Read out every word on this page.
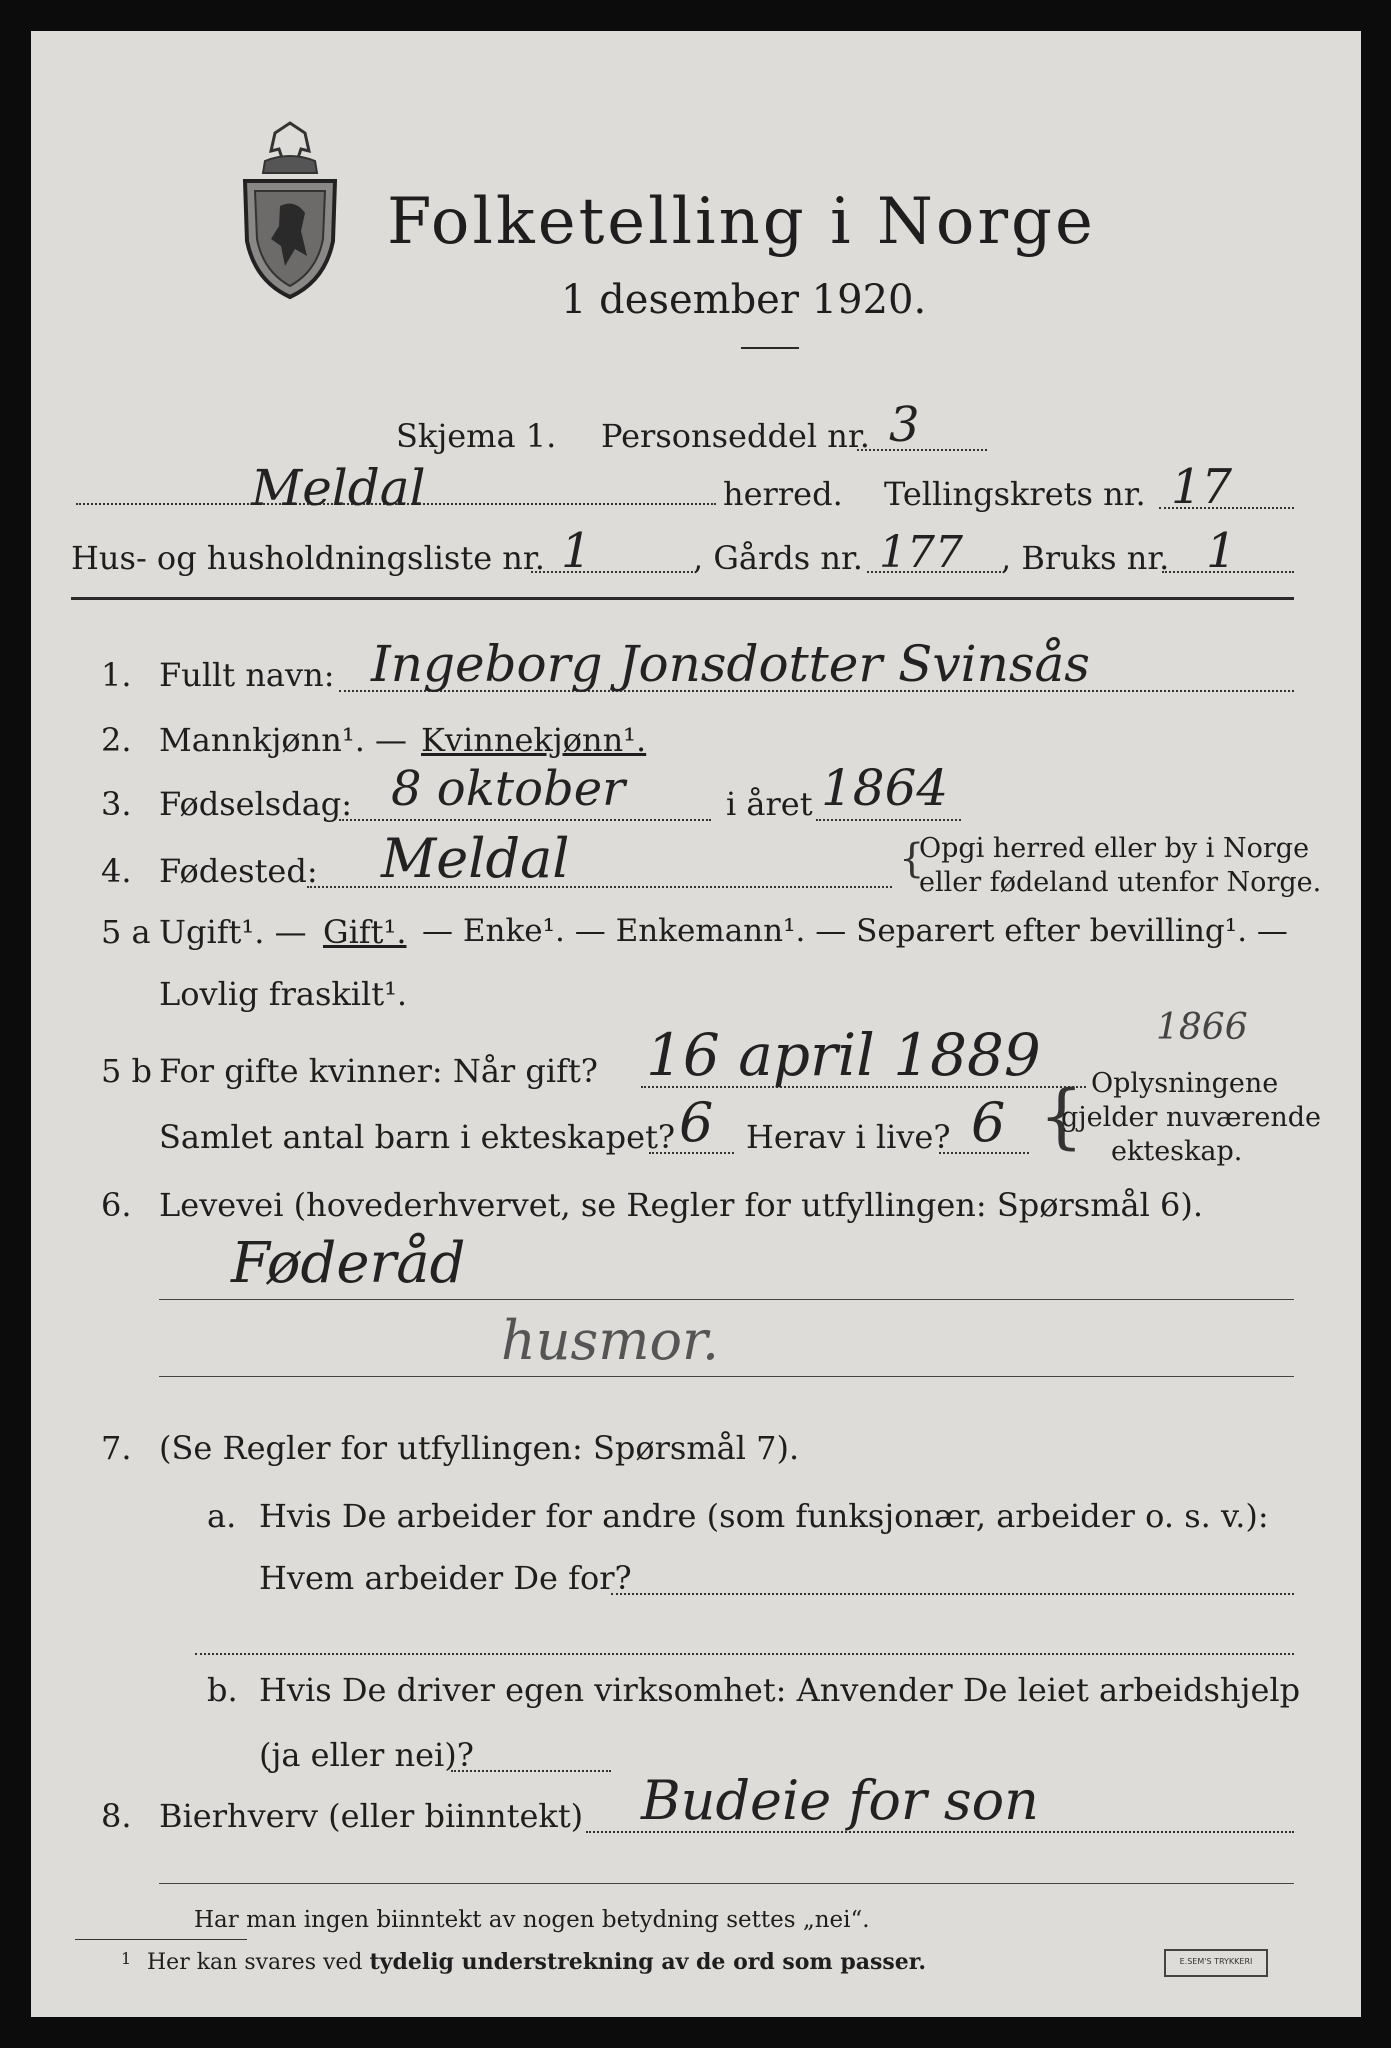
Folketelling i Norge
1 desember 1920.
Skjema 1. Personseddel nr. 3
Meldal	herred. Tellingskrets nr. 17
Hus- og husholdningsliste nr. 1	, Gårds nr. 177 , Bruks nr. 1
1. Fullt navn: Ingeborg Jonsdotter Svinsås
2. Mannkjønn¹. — Kvinnekjønn¹.
3. Fødselsdag: 8 oktober	i året 1864
4. Fødested: Meldal	{
Opgi herred eller by i Norge
eller fødeland utenfor Norge.
5 a Ugift¹. — Gift¹. — Enke¹. — Enkemann¹. — Separert efter bevilling¹. —
Lovlig fraskilt¹.
5 b For gifte kvinner: Når gift? 16 april 1889	1866
Samlet antal barn i ekteskapet? 6 Herav i live? 6 { Oplysningene
gjelder nuværende
ekteskap.
6. Levevei (hovederhvervet, se Regler for utfyllingen: Spørsmål 6).
Føderåd
husmor.
7. (Se Regler for utfyllingen: Spørsmål 7).
a. Hvis De arbeider for andre (som funksjonær, arbeider o. s. v.):
Hvem arbeider De for?
b. Hvis De driver egen virksomhet: Anvender De leiet arbeidshjelp
(ja eller nei)?
8. Bierhverv (eller biinntekt) Budeie for son
Har man ingen biinntekt av nogen betydning settes „nei“.
1 Her kan svares ved tydelig understrekning av de ord som passer.	E.SEM'S TRYKKERI
